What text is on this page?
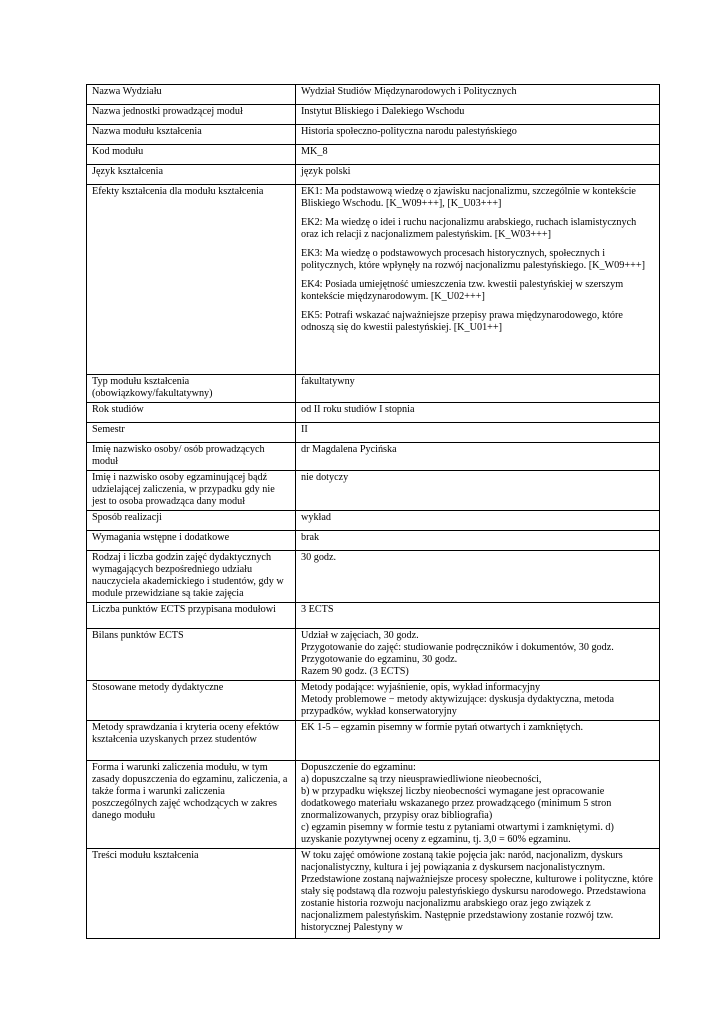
Nazwa Wydziału	Wydział Studiów Międzynarodowych i Politycznych

Nazwa jednostki prowadzącej moduł	Instytut Bliskiego i Dalekiego Wschodu

Nazwa modułu kształcenia	Historia społeczno-polityczna narodu palestyńskiego

Kod modułu	MK_8

Język kształcenia	język polski

Efekty kształcenia dla modułu kształcenia	EK1: Ma podstawową wiedzę o zjawisku nacjonalizmu, szczególnie w kontekście Bliskiego Wschodu. [K_W09+++], [K_U03+++]
EK2: Ma wiedzę o idei i ruchu nacjonalizmu arabskiego, ruchach islamistycznych oraz ich relacji z nacjonalizmem palestyńskim. [K_W03+++]
EK3: Ma wiedzę o podstawowych procesach historycznych, społecznych i politycznych, które wpłynęły na rozwój nacjonalizmu palestyńskiego. [K_W09+++]
EK4: Posiada umiejętność umieszczenia tzw. kwestii palestyńskiej w szerszym kontekście międzynarodowym. [K_U02+++]
EK5: Potrafi wskazać najważniejsze przepisy prawa międzynarodowego, które odnoszą się do kwestii palestyńskiej. [K_U01++]

Typ modułu kształcenia (obowiązkowy/fakultatywny)	fakultatywny

Rok studiów	od II roku studiów I stopnia

Semestr	II

Imię nazwisko osoby/ osób prowadzących moduł	dr Magdalena Pycińska

Imię i nazwisko osoby egzaminującej bądź udzielającej zaliczenia, w przypadku gdy nie jest to osoba prowadząca dany moduł	nie dotyczy

Sposób realizacji	wykład

Wymagania wstępne i dodatkowe	brak

Rodzaj i liczba godzin zajęć dydaktycznych wymagających bezpośredniego udziału nauczyciela akademickiego i studentów, gdy w module przewidziane są takie zajęcia	30 godz.

Liczba punktów ECTS przypisana modułowi	3 ECTS

Bilans punktów ECTS	Udział w zajęciach, 30 godz.
Przygotowanie do zajęć: studiowanie podręczników i dokumentów, 30 godz.
Przygotowanie do egzaminu, 30 godz.
Razem 90 godz. (3 ECTS)

Stosowane metody dydaktyczne	Metody podające: wyjaśnienie, opis, wykład informacyjny
Metody problemowe − metody aktywizujące: dyskusja dydaktyczna, metoda przypadków, wykład konserwatoryjny

Metody sprawdzania i kryteria oceny efektów kształcenia uzyskanych przez studentów	EK 1-5 – egzamin pisemny w formie pytań otwartych i zamkniętych.

Forma i warunki zaliczenia modułu, w tym zasady dopuszczenia do egzaminu, zaliczenia, a także forma i warunki zaliczenia poszczególnych zajęć wchodzących w zakres danego modułu	Dopuszczenie do egzaminu:
a) dopuszczalne są trzy nieusprawiedliwione nieobecności,
b) w przypadku większej liczby nieobecności wymagane jest opracowanie dodatkowego materiału wskazanego przez prowadzącego (minimum 5 stron znormalizowanych, przypisy oraz bibliografia)
c) egzamin pisemny w formie testu z pytaniami otwartymi i zamkniętymi. d) uzyskanie pozytywnej oceny z egzaminu, tj. 3,0 = 60% egzaminu.

Treści modułu kształcenia	W toku zajęć omówione zostaną takie pojęcia jak: naród, nacjonalizm, dyskurs nacjonalistyczny, kultura i jej powiązania z dyskursem nacjonalistycznym. Przedstawione zostaną najważniejsze procesy społeczne, kulturowe i polityczne, które stały się podstawą dla rozwoju palestyńskiego dyskursu narodowego. Przedstawiona zostanie historia rozwoju nacjonalizmu arabskiego oraz jego związek z nacjonalizmem palestyńskim. Następnie przedstawiony zostanie rozwój tzw. historycznej Palestyny w
